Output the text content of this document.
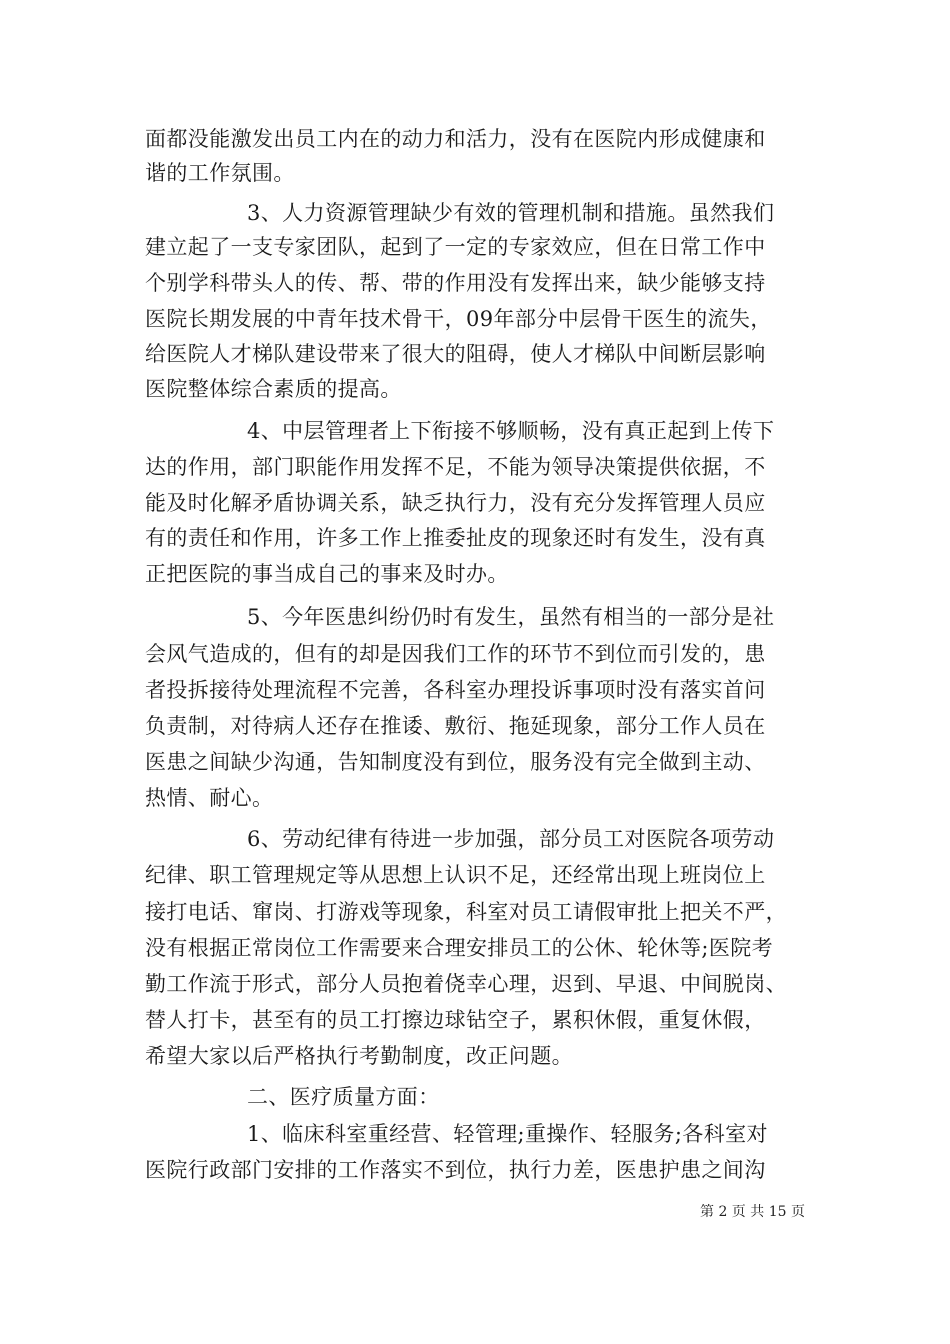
面都没能激发出员工内在的动力和活力，没有在医院内形成健康和
谐的工作氛围。
3、人力资源管理缺少有效的管理机制和措施。虽然我们
建立起了一支专家团队，起到了一定的专家效应，但在日常工作中
个别学科带头人的传、帮、带的作用没有发挥出来，缺少能够支持
医院长期发展的中青年技术骨干，09年部分中层骨干医生的流失，
给医院人才梯队建设带来了很大的阻碍，使人才梯队中间断层影响
医院整体综合素质的提高。
4、中层管理者上下衔接不够顺畅，没有真正起到上传下
达的作用，部门职能作用发挥不足，不能为领导决策提供依据，不
能及时化解矛盾协调关系，缺乏执行力，没有充分发挥管理人员应
有的责任和作用，许多工作上推委扯皮的现象还时有发生，没有真
正把医院的事当成自己的事来及时办。
5、今年医患纠纷仍时有发生，虽然有相当的一部分是社
会风气造成的，但有的却是因我们工作的环节不到位而引发的，患
者投拆接待处理流程不完善，各科室办理投诉事项时没有落实首问
负责制，对待病人还存在推诿、敷衍、拖延现象，部分工作人员在
医患之间缺少沟通，告知制度没有到位，服务没有完全做到主动、
热情、耐心。
6、劳动纪律有待进一步加强，部分员工对医院各项劳动
纪律、职工管理规定等从思想上认识不足，还经常出现上班岗位上
接打电话、窜岗、打游戏等现象，科室对员工请假审批上把关不严，
没有根据正常岗位工作需要来合理安排员工的公休、轮休等;医院考
勤工作流于形式，部分人员抱着侥幸心理，迟到、早退、中间脱岗、
替人打卡，甚至有的员工打擦边球钻空子，累积休假，重复休假，
希望大家以后严格执行考勤制度，改正问题。
二、医疗质量方面：
1、临床科室重经营、轻管理;重操作、轻服务;各科室对
医院行政部门安排的工作落实不到位，执行力差，医患护患之间沟
第 2 页 共 15 页
